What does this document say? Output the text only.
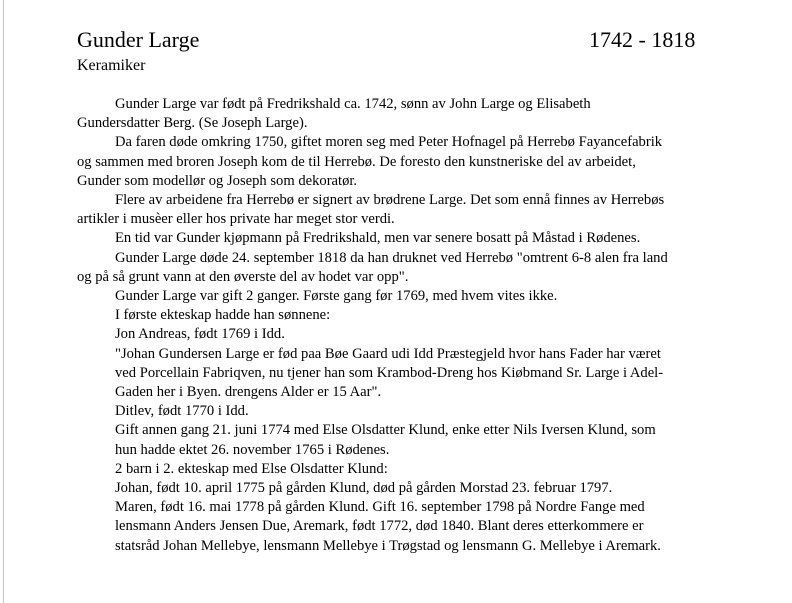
Gunder Large	1742 - 1818
Keramiker

Gunder Large var født på Fredrikshald ca. 1742, sønn av John Large og Elisabeth

Gundersdatter Berg. (Se Joseph Large).

Da faren døde omkring 1750, giftet moren seg med Peter Hofnagel på Herrebø Fayancefabrik

og sammen med broren Joseph kom de til Herrebø. De foresto den kunstneriske del av arbeidet,

Gunder som modellør og Joseph som dekoratør.

Flere av arbeidene fra Herrebø er signert av brødrene Large. Det som ennå finnes av Herrebøs

artikler i musèer eller hos private har meget stor verdi.

En tid var Gunder kjøpmann på Fredrikshald, men var senere bosatt på Måstad i Rødenes.

Gunder Large døde 24. september 1818 da han druknet ved Herrebø "omtrent 6-8 alen fra land

og på så grunt vann at den øverste del av hodet var opp".

Gunder Large var gift 2 ganger. Første gang før 1769, med hvem vites ikke.

I første ekteskap hadde han sønnene:

Jon Andreas, født 1769 i Idd.

"Johan Gundersen Large er fød paa Bøe Gaard udi Idd Præstegjeld hvor hans Fader har været

ved Porcellain Fabriqven, nu tjener han som Krambod-Dreng hos Kiøbmand Sr. Large i Adel-

Gaden her i Byen. drengens Alder er 15 Aar".

Ditlev, født 1770 i Idd.

Gift annen gang 21. juni 1774 med Else Olsdatter Klund, enke etter Nils Iversen Klund, som

hun hadde ektet 26. november 1765 i Rødenes.

2 barn i 2. ekteskap med Else Olsdatter Klund:

Johan, født 10. april 1775 på gården Klund, død på gården Morstad 23. februar 1797.

Maren, født 16. mai 1778 på gården Klund. Gift 16. september 1798 på Nordre Fange med

lensmann Anders Jensen Due, Aremark, født 1772, død 1840. Blant deres etterkommere er

statsråd Johan Mellebye, lensmann Mellebye i Trøgstad og lensmann G. Mellebye i Aremark.
